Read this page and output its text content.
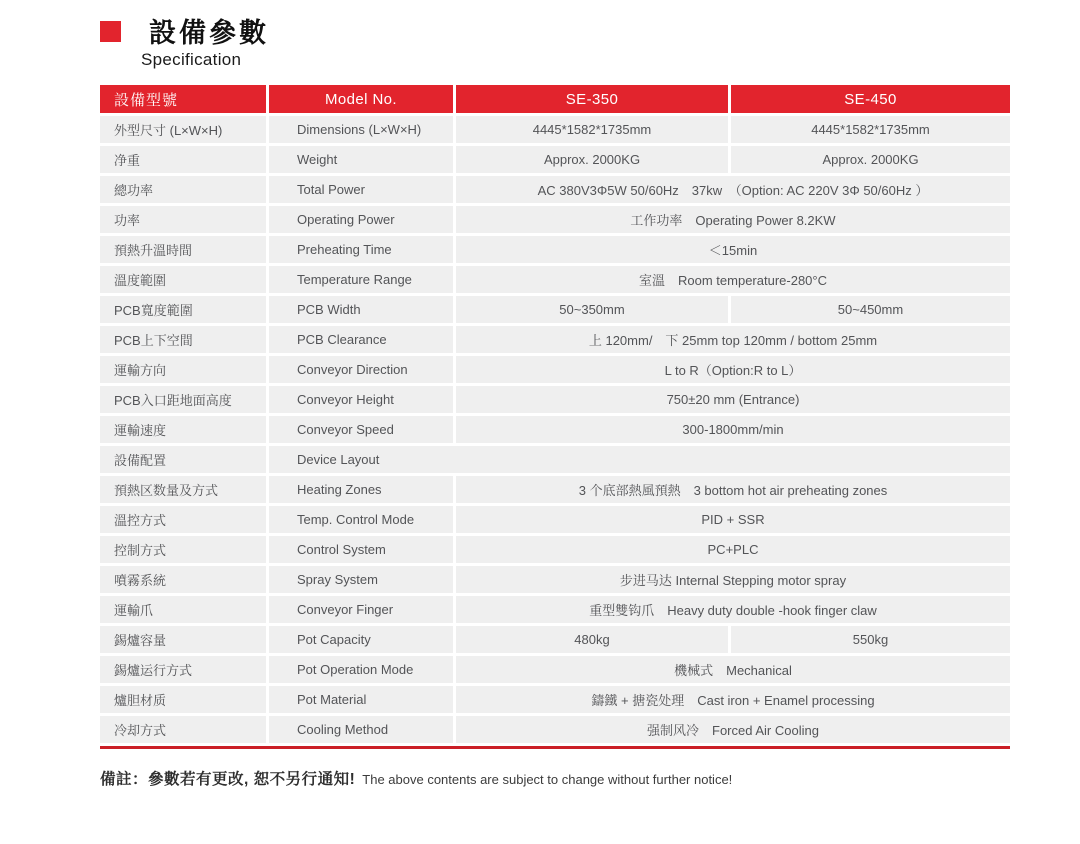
設備參數
Specification
設備型號	Model No.	SE-350	SE-450
外型尺寸 (L×W×H)	Dimensions (L×W×H)	4445*1582*1735mm	4445*1582*1735mm
净重	Weight	Approx. 2000KG	Approx. 2000KG
總功率	Total Power	AC 380V3Φ5W 50/60Hz　37kw　（Option: AC 220V 3Φ 50/60Hz ）
功率	Operating Power	工作功率　Operating Power 8.2KW
預熱升溫時間	Preheating Time	＜15min
溫度範圍	Temperature Range	室溫　Room temperature-280°C
PCB寬度範圍	PCB Width	50~350mm	50~450mm
PCB上下空間	PCB Clearance	上 120mm/　下 25mm top 120mm / bottom 25mm
運輸方向	Conveyor Direction	L to R（Option:R to L）
PCB入口距地面高度	Conveyor Height	750±20 mm (Entrance)
運輸速度	Conveyor Speed	300-1800mm/min
設備配置	Device Layout
預熱区数量及方式	Heating Zones	3 个底部熱風預熱　3 bottom hot air preheating zones
溫控方式	Temp. Control Mode	PID + SSR
控制方式	Control System	PC+PLC
噴霧系統	Spray System	步进马达 Internal Stepping motor spray
運輸爪	Conveyor Finger	重型雙钩爪　Heavy duty double -hook finger claw
錫爐容量	Pot Capacity	480kg	550kg
錫爐运行方式	Pot Operation Mode	機械式　Mechanical
爐胆材质	Pot Material	鑄鐵 + 搪瓷处理　Cast iron + Enamel processing
冷却方式	Cooling Method	强制风冷　Forced Air Cooling
備註：參數若有更改, 恕不另行通知! The above contents are subject to change without further notice!
